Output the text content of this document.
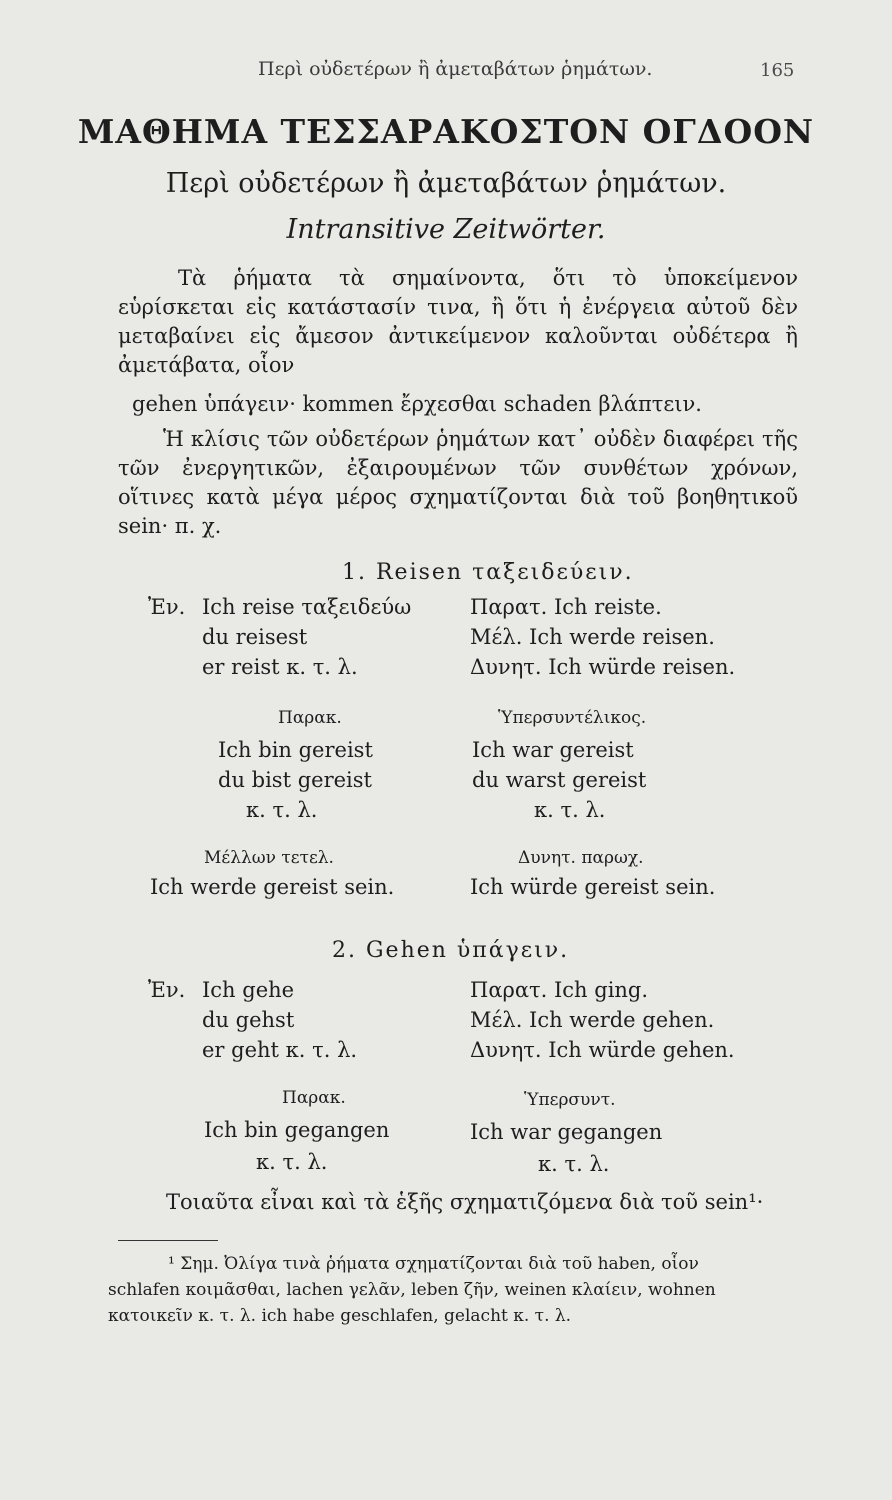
Περὶ οὐδετέρων ἢ ἀμεταβάτων ῥημάτων.	165
ΜΑΘΗΜΑ ΤΕΣΣΑΡΑΚΟΣΤΟΝ ΟΓΔΟΟΝ
Περὶ οὐδετέρων ἢ ἀμεταβάτων ῥημάτων.
Intransitive Zeitwörter.
Τὰ ῥήματα τὰ σημαίνοντα, ὅτι τὸ ὑποκείμενον εὑρίσκεται εἰς κατάστασίν τινα, ἢ ὅτι ἡ ἐνέργεια αὐτοῦ δὲν μεταβαίνει εἰς ἄμεσον ἀντικείμενον καλοῦνται οὐδέτερα ἢ ἀμετάβατα, οἷον
gehen ὑπάγειν· kommen ἔρχεσθαι schaden βλάπτειν.
Ἡ κλίσις τῶν οὐδετέρων ῥημάτων κατ᾿ οὐδὲν διαφέρει τῆς τῶν ἐνεργητικῶν, ἐξαιρουμένων τῶν συνθέτων χρόνων, οἵτινες κατὰ μέγα μέρος σχηματίζονται διὰ τοῦ βοηθητικοῦ sein· π. χ.
1. Reisen ταξειδεύειν.
Ἐν. Ich reise ταξειδεύω
du reisest
er reist κ. τ. λ.
Παρατ. Ich reiste.
Μέλ. Ich werde reisen.
Δυνητ. Ich würde reisen.
Παρακ.
Ich bin gereist
du bist gereist
κ. τ. λ.
Ὑπερσυντέλικος.
Ich war gereist
du warst gereist
κ. τ. λ.
Μέλλων τετελ.
Ich werde gereist sein.
Δυνητ. παρωχ.
Ich würde gereist sein.
2. Gehen ὑπάγειν.
Ἐν. Ich gehe
du gehst
er geht κ. τ. λ.
Παρατ. Ich ging.
Μέλ. Ich werde gehen.
Δυνητ. Ich würde gehen.
Παρακ.
Ich bin gegangen
κ. τ. λ.
Ὑπερσυντ.
Ich war gegangen
κ. τ. λ.
Τοιαῦτα εἶναι καὶ τὰ ἑξῆς σχηματιζόμενα διὰ τοῦ sein¹·
¹ Σημ. Ὀλίγα τινὰ ῥήματα σχηματίζονται διὰ τοῦ haben, οἷον
schlafen κοιμᾶσθαι, lachen γελᾶν, leben ζῆν, weinen κλαίειν, wohnen
κατοικεῖν κ. τ. λ. ich habe geschlafen, gelacht κ. τ. λ.
